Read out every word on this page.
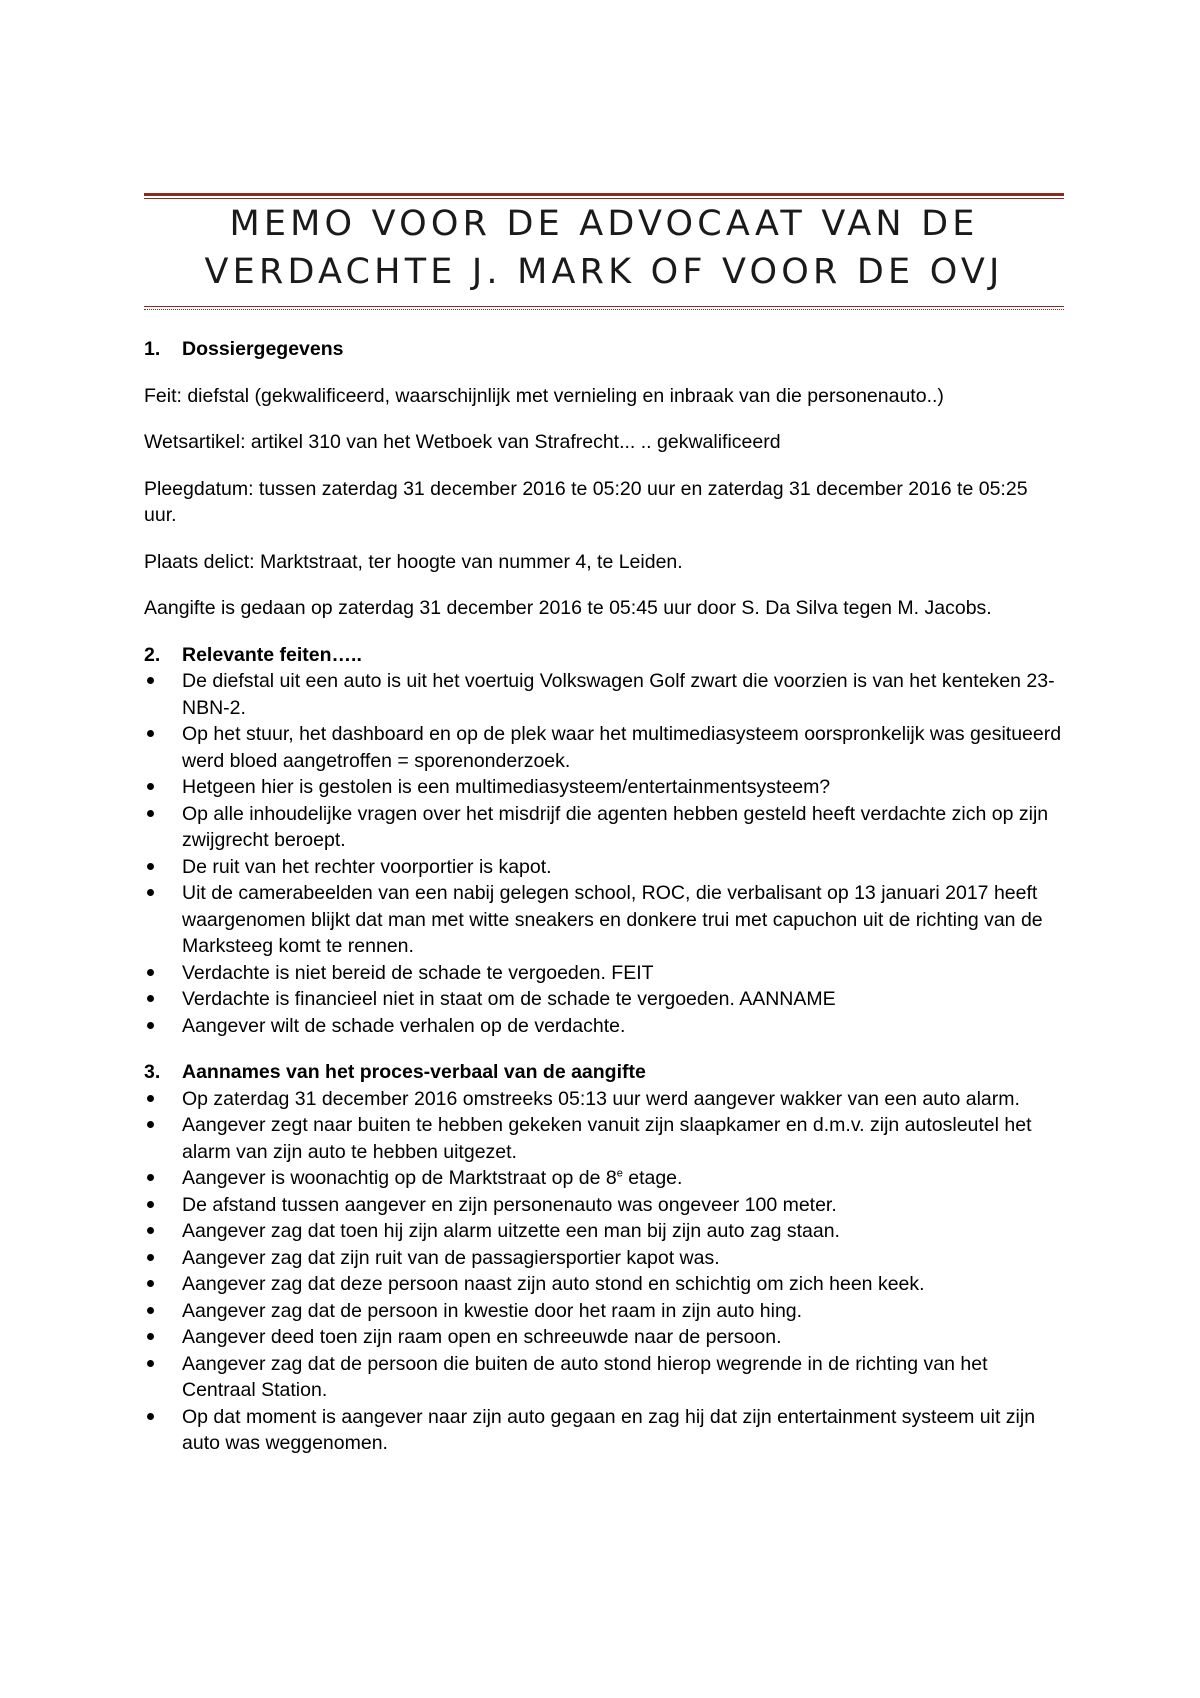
MEMO VOOR DE ADVOCAAT VAN DE
VERDACHTE J. MARK OF VOOR DE OVJ
1.	Dossiergegevens

Feit: diefstal (gekwalificeerd, waarschijnlijk met vernieling en inbraak van die personenauto..)

Wetsartikel: artikel 310 van het Wetboek van Strafrecht... .. gekwalificeerd

Pleegdatum: tussen zaterdag 31 december 2016 te 05:20 uur en zaterdag 31 december 2016 te 05:25 uur.

Plaats delict: Marktstraat, ter hoogte van nummer 4, te Leiden.

Aangifte is gedaan op zaterdag 31 december 2016 te 05:45 uur door S. Da Silva tegen M. Jacobs.

2.	Relevante feiten…..
De diefstal uit een auto is uit het voertuig Volkswagen Golf zwart die voorzien is van het kenteken 23-NBN-2.
Op het stuur, het dashboard en op de plek waar het multimediasysteem oorspronkelijk was gesitueerd werd bloed aangetroffen = sporenonderzoek.
Hetgeen hier is gestolen is een multimediasysteem/entertainmentsysteem?
Op alle inhoudelijke vragen over het misdrijf die agenten hebben gesteld heeft verdachte zich op zijn zwijgrecht beroept.
De ruit van het rechter voorportier is kapot.
Uit de camerabeelden van een nabij gelegen school, ROC, die verbalisant op 13 januari 2017 heeft waargenomen blijkt dat man met witte sneakers en donkere trui met capuchon uit de richting van de Marksteeg komt te rennen.
Verdachte is niet bereid de schade te vergoeden. FEIT
Verdachte is financieel niet in staat om de schade te vergoeden. AANNAME
Aangever wilt de schade verhalen op de verdachte.
3.	Aannames van het proces-verbaal van de aangifte
Op zaterdag 31 december 2016 omstreeks 05:13 uur werd aangever wakker van een auto alarm.
Aangever zegt naar buiten te hebben gekeken vanuit zijn slaapkamer en d.m.v. zijn autosleutel het alarm van zijn auto te hebben uitgezet.
Aangever is woonachtig op de Marktstraat op de 8e etage.
De afstand tussen aangever en zijn personenauto was ongeveer 100 meter.
Aangever zag dat toen hij zijn alarm uitzette een man bij zijn auto zag staan.
Aangever zag dat zijn ruit van de passagiersportier kapot was.
Aangever zag dat deze persoon naast zijn auto stond en schichtig om zich heen keek.
Aangever zag dat de persoon in kwestie door het raam in zijn auto hing.
Aangever deed toen zijn raam open en schreeuwde naar de persoon.
Aangever zag dat de persoon die buiten de auto stond hierop wegrende in de richting van het Centraal Station.
Op dat moment is aangever naar zijn auto gegaan en zag hij dat zijn entertainment systeem uit zijn auto was weggenomen.
